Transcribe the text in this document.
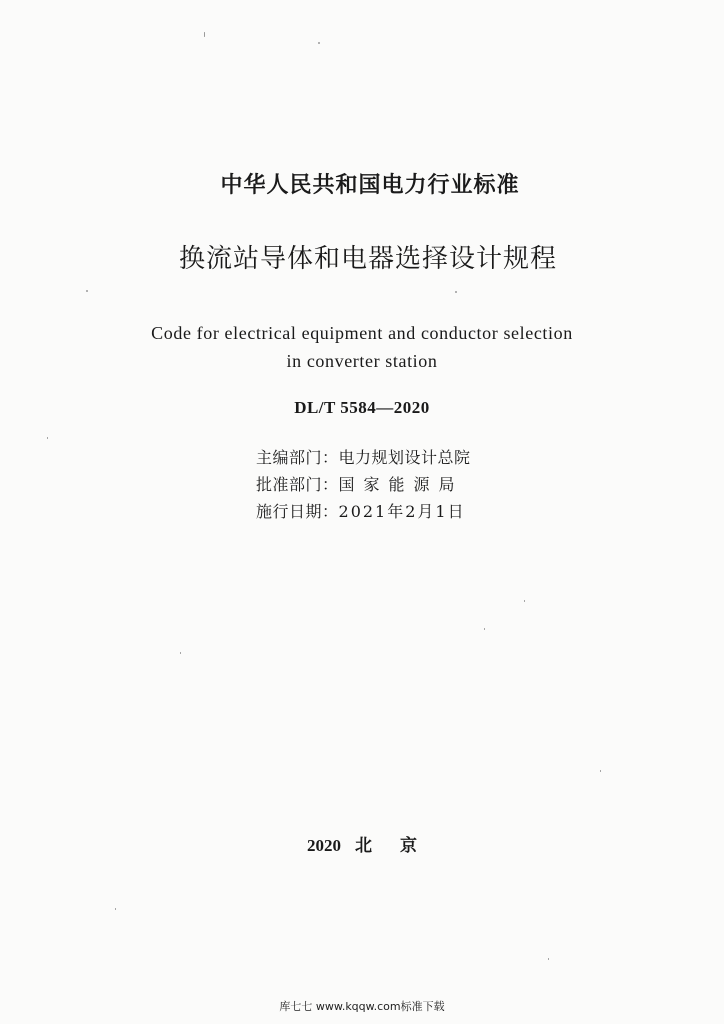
中华人民共和国电力行业标准
换流站导体和电器选择设计规程
Code for electrical equipment and conductor selection
in converter station
DL/T 5584—2020
主编部门： 电力规划设计总院
批准部门： 国家能源局
施行日期： 2021年2月1日
2020 北京
库七七 www.kqqw.com标准下载
